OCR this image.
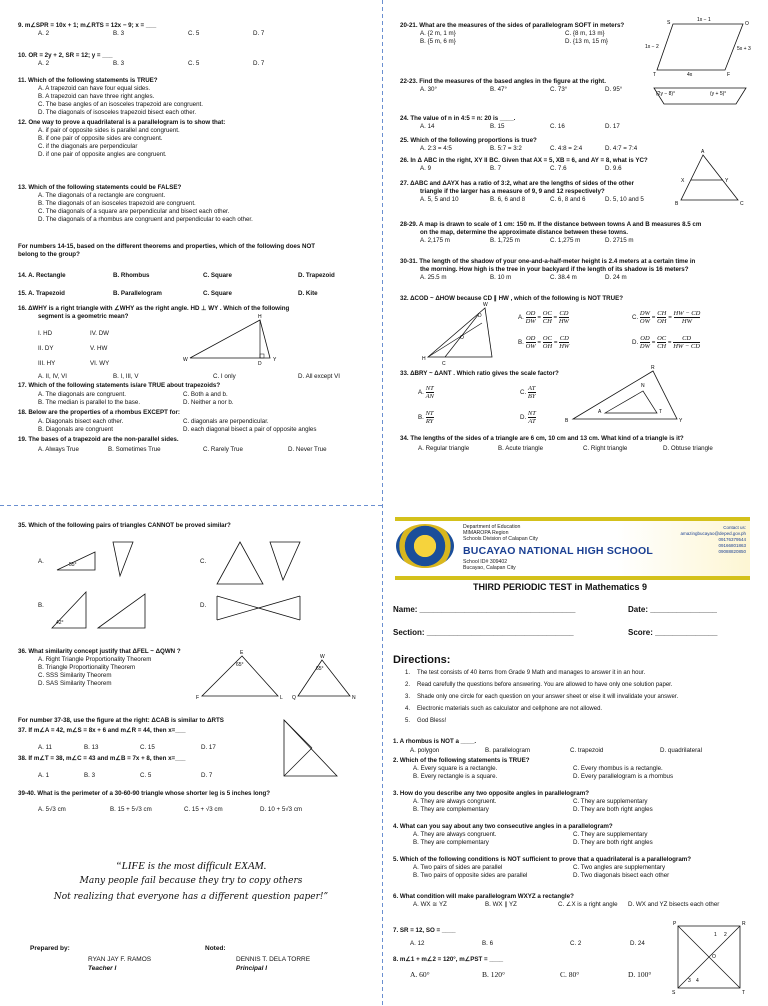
9. m∠SPR = 10x + 1; m∠RTS = 12x − 9; x = ___
A. 2	B. 3	C. 5	D. 7
10. OR = 2y + 2, SR = 12; y = ___
A. 2	B. 3	C. 5	D. 7
11. Which of the following statements is TRUE?
A. A trapezoid can have four equal sides.
B. A trapezoid can have three right angles.
C. The base angles of an isosceles trapezoid are congruent.
D. The diagonals of isosceles trapezoid bisect each other.
12. One way to prove a quadrilateral is a parallelogram is to show that:
A. if pair of opposite sides is parallel and congruent.
B. if one pair of opposite sides are congruent.
C. if the diagonals are perpendicular
D. if one pair of opposite angles are congruent.
13. Which of the following statements could be FALSE?
A. The diagonals of a rectangle are congruent.
B. The diagonals of an isosceles trapezoid are congruent.
C. The diagonals of a square are perpendicular and bisect each other.
D. The diagonals of a rhombus are congruent and perpendicular to each other.
For numbers 14-15, based on the different theorems and properties, which of the following does NOT
belong to the group?
14. A. Rectangle	B. Rhombus	C. Square	D. Trapezoid
15. A. Trapezoid	B. Parallelogram	C. Square	D. Kite
16. ΔWHY is a right triangle with ∠WHY as the right angle. HD ⊥ WY . Which of the following
segment is a geometric mean?
I. HD	IV. DW
II. DY	V. HW
III. HY	VI. WY
H
W
D
Y
A. II, IV, VI	B. I, III, V	C. I only	D. All except VI
17. Which of the following statements is/are TRUE about trapezoids?
A. The diagonals are congruent.	C. Both a and b.
B. The median is parallel to the base.	D. Neither a nor b.
18. Below are the properties of a rhombus EXCEPT for:
A. Diagonals bisect each other.	C. diagonals are perpendicular.
B. Diagonals are congruent	D. each diagonal bisect a pair of opposite angles
19. The bases of a trapezoid are the non-parallel sides.
A. Always True	B. Sometimes True	C. Rarely True	D. Never True
20-21. What are the measures of the sides of parallelogram SOFT in meters?
A. {2 m, 1 m}	C. {8 m, 13 m}
B. {5 m, 6 m}	D. {13 m, 15 m}
22-23. Find the measures of the based angles in the figure at the right.
A. 30°	B. 47°	C. 73°	D. 95°
24. The value of n in 4:5 = n: 20 is ____.
A. 14	B. 15	C. 16	D. 17
25. Which of the following proportions is true?
A. 2:3 = 4:5	B. 5:7 = 3:2	C. 4:8 = 2:4	D. 4:7 = 7:4
26. In Δ ABC in the right, XY II BC. Given that AX = 5, XB = 6, and AY = 8, what is YC?
A. 9	B. 7	C. 7.6	D. 9.6
27. ΔABC and ΔAYX has a ratio of 3:2, what are the lengths of sides of the other
triangle if the larger has a measure of 9, 9 and 12 respectively?
A. 5, 5 and 10	B. 6, 6 and 8	C. 6, 8 and 6	D. 5, 10 and 5
28-29. A map is drawn to scale of 1 cm: 150 m. If the distance between towns A and B measures 8.5 cm
on the map, determine the approximate distance between these towns.
A. 2,175 m	B. 1,725 m	C. 1,275 m	D. 2715 m
30-31. The length of the shadow of your one-and-a-half-meter height is 2.4 meters at a certain time in
the morning. How high is the tree in your backyard if the length of its shadow is 16 meters?
A. 25.5 m	B. 10 m	C. 38.4 m	D. 24 m
S	O
T	F
1x − 1
1x − 2	5x + 3
4x
(2y − 8)°	(y + 5)°
A
X	Y
B	C
32. ΔCOD ~ ΔHOW because CD ∥ HW , which of the following is NOT TRUE?
W
D
O
H
C
A. $\frac{OD}{DW} = \frac{OC}{CH} = \frac{CD}{HW}$
B. $\frac{OD}{OW} = \frac{OC}{OH} = \frac{CD}{HW}$
C. $\frac{DW}{OW} = \frac{CH}{OH} = \frac{HW - CD}{HW}$
D. $\frac{OD}{DW} = \frac{OC}{CH} = \frac{CD}{HW - CD}$
33. ΔBRY ~ ΔANT . Which ratio gives the scale factor?
A. $\frac{NT}{AN}$
B. $\frac{NT}{RY}$
C. $\frac{AT}{BY}$
D. $\frac{NT}{AT}$
R
N
A	T
B	Y
34. The lengths of the sides of a triangle are 6 cm, 10 cm and 13 cm. What kind of a triangle is it?
A. Regular triangle	B. Acute triangle	C. Right triangle	D. Obtuse triangle
35. Which of the following pairs of triangles CANNOT be proved similar?
A.	C.
B.	D.
55°
42°
36. What similarity concept justify that ΔFEL ~ ΔQWN ?
A. Right Triangle Proportionality Theorem
B. Triangle Proportionality Theorem
C. SSS Similarity Theorem
D. SAS Similarity Theorem
E
F	L
W
Q	N
65°
65°
For number 37-38, use the figure at the right: ΔCAB is similar to ΔRTS
37. If m∠A = 42, m∠S = 8x + 6 and m∠R = 44, then x=___
A. 11	B. 13	C. 15	D. 17
38. If m∠T = 38, m∠C = 43 and m∠B = 7x + 8, then x=___
A. 1	B. 3	C. 5	D. 7
39-40. What is the perimeter of a 30-60-90 triangle whose shorter leg is 5 inches long?
A. 5√3 cm	B. 15 + 5√3 cm	C. 15 + √3 cm	D. 10 + 5√3 cm
“LIFE is the most difficult EXAM.
Many people fail because they try to copy others
Not realizing that everyone has a different question paper!”
Prepared by:
RYAN JAY F. RAMOS
Teacher I
Noted:
DENNIS T. DELA TORRE
Principal I
Department of Education
MIMAROPA Region
Schools Division of Calapan City
BUCAYAO NATIONAL HIGH SCHOOL
School ID# 309402
Bucayao, Calapan City
Contact us:
amazingbucayao@deped.gov.ph
09176379544
09166801863
09088820850
THIRD PERIODIC TEST in Mathematics 9
Name: ___________________________________	Date: _______________
Section: _________________________________	Score: ______________
Directions:
1. The test consists of 40 items from Grade 9 Math and manages to answer it in an hour.
2. Read carefully the questions before answering. You are allowed to have only one solution paper.
3. Shade only one circle for each question on your answer sheet or else it will invalidate your answer.
4. Electronic materials such as calculator and cellphone are not allowed.
5. God Bless!
1. A rhombus is NOT a ____.
A. polygon	B. parallelogram	C. trapezoid	D. quadrilateral
2. Which of the following statements is TRUE?
A. Every square is a rectangle.	C. Every rhombus is a rectangle.
B. Every rectangle is a square.	D. Every parallelogram is a rhombus
3. How do you describe any two opposite angles in parallelogram?
A. They are always congruent.	C. They are supplementary
B. They are complementary	D. They are both right angles
4. What can you say about any two consecutive angles in a parallelogram?
A. They are always congruent.	C. They are supplementary
B. They are complementary	D. They are both right angles
5. Which of the following conditions is NOT sufficient to prove that a quadrilateral is a parallelogram?
A. Two pairs of sides are parallel	C. Two angles are supplementary
B. Two pairs of opposite sides are parallel	D. Two diagonals bisect each other
6. What condition will make parallelogram WXYZ a rectangle?
A. WX ≅ YZ	B. WX ∥ YZ	C. ∠X is a right angle D. WX and YZ bisects each other
7. SR = 12, SO = ____
A. 12	B. 6	C. 2	D. 24
8. m∠1 + m∠2 = 120°, m∠PST = ____
A. 60°	B. 120°	C. 80°	D. 100°
P	R
S	T
O
1 2
3 4
